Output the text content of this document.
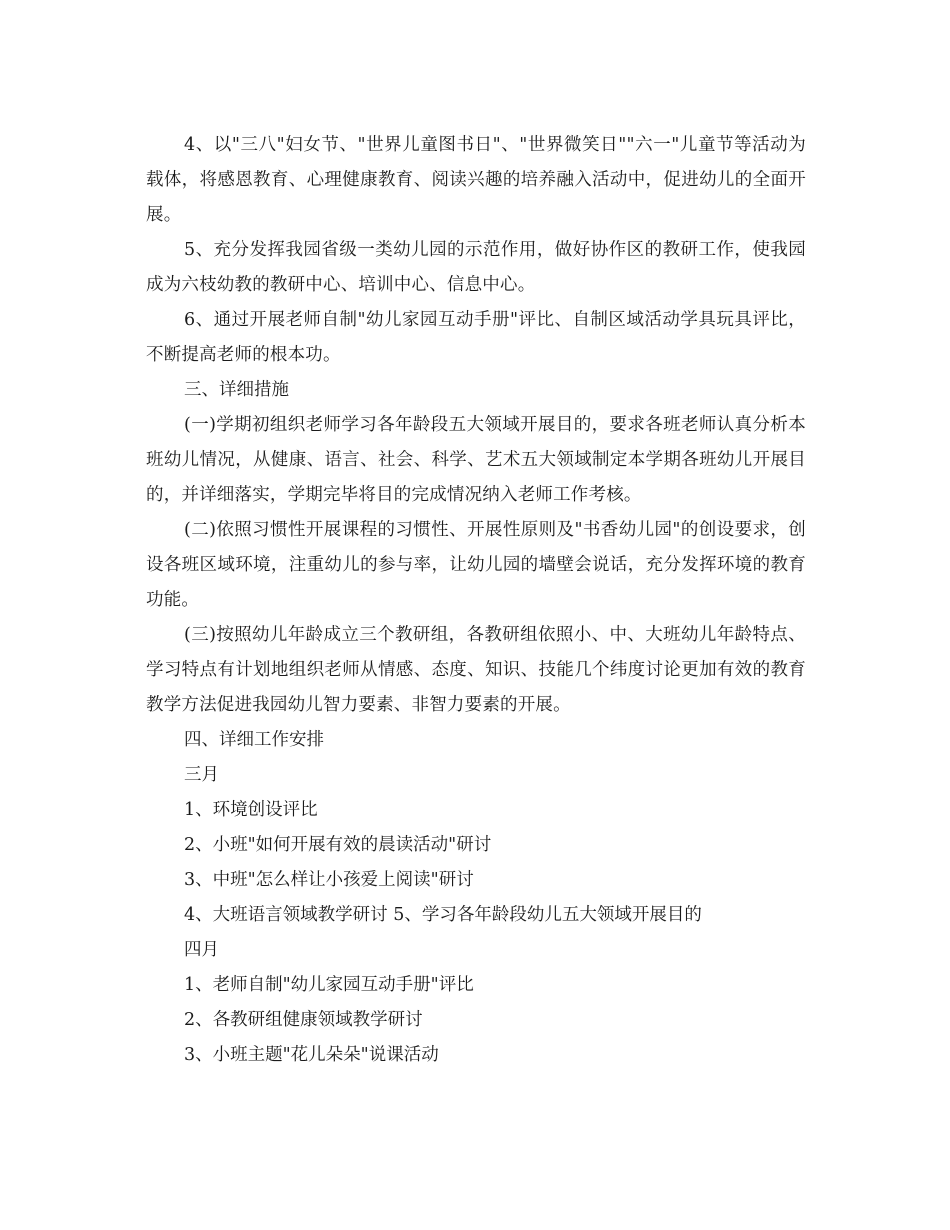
4、以"三八"妇女节、"世界儿童图书日"、"世界微笑日""六一"儿童节等活动为载体，将感恩教育、心理健康教育、阅读兴趣的培养融入活动中，促进幼儿的全面开展。

5、充分发挥我园省级一类幼儿园的示范作用，做好协作区的教研工作，使我园成为六枝幼教的教研中心、培训中心、信息中心。

6、通过开展老师自制"幼儿家园互动手册"评比、自制区域活动学具玩具评比，不断提高老师的根本功。

三、详细措施

(一)学期初组织老师学习各年龄段五大领域开展目的，要求各班老师认真分析本班幼儿情况，从健康、语言、社会、科学、艺术五大领域制定本学期各班幼儿开展目的，并详细落实，学期完毕将目的完成情况纳入老师工作考核。

(二)依照习惯性开展课程的习惯性、开展性原则及"书香幼儿园"的创设要求，创设各班区域环境，注重幼儿的参与率，让幼儿园的墙壁会说话，充分发挥环境的教育功能。

(三)按照幼儿年龄成立三个教研组，各教研组依照小、中、大班幼儿年龄特点、学习特点有计划地组织老师从情感、态度、知识、技能几个纬度讨论更加有效的教育教学方法促进我园幼儿智力要素、非智力要素的开展。

四、详细工作安排

三月

1、环境创设评比

2、小班"如何开展有效的晨读活动"研讨

3、中班"怎么样让小孩爱上阅读"研讨

4、大班语言领域教学研讨 5、学习各年龄段幼儿五大领域开展目的

四月

1、老师自制"幼儿家园互动手册"评比

2、各教研组健康领域教学研讨

3、小班主题"花儿朵朵"说课活动
